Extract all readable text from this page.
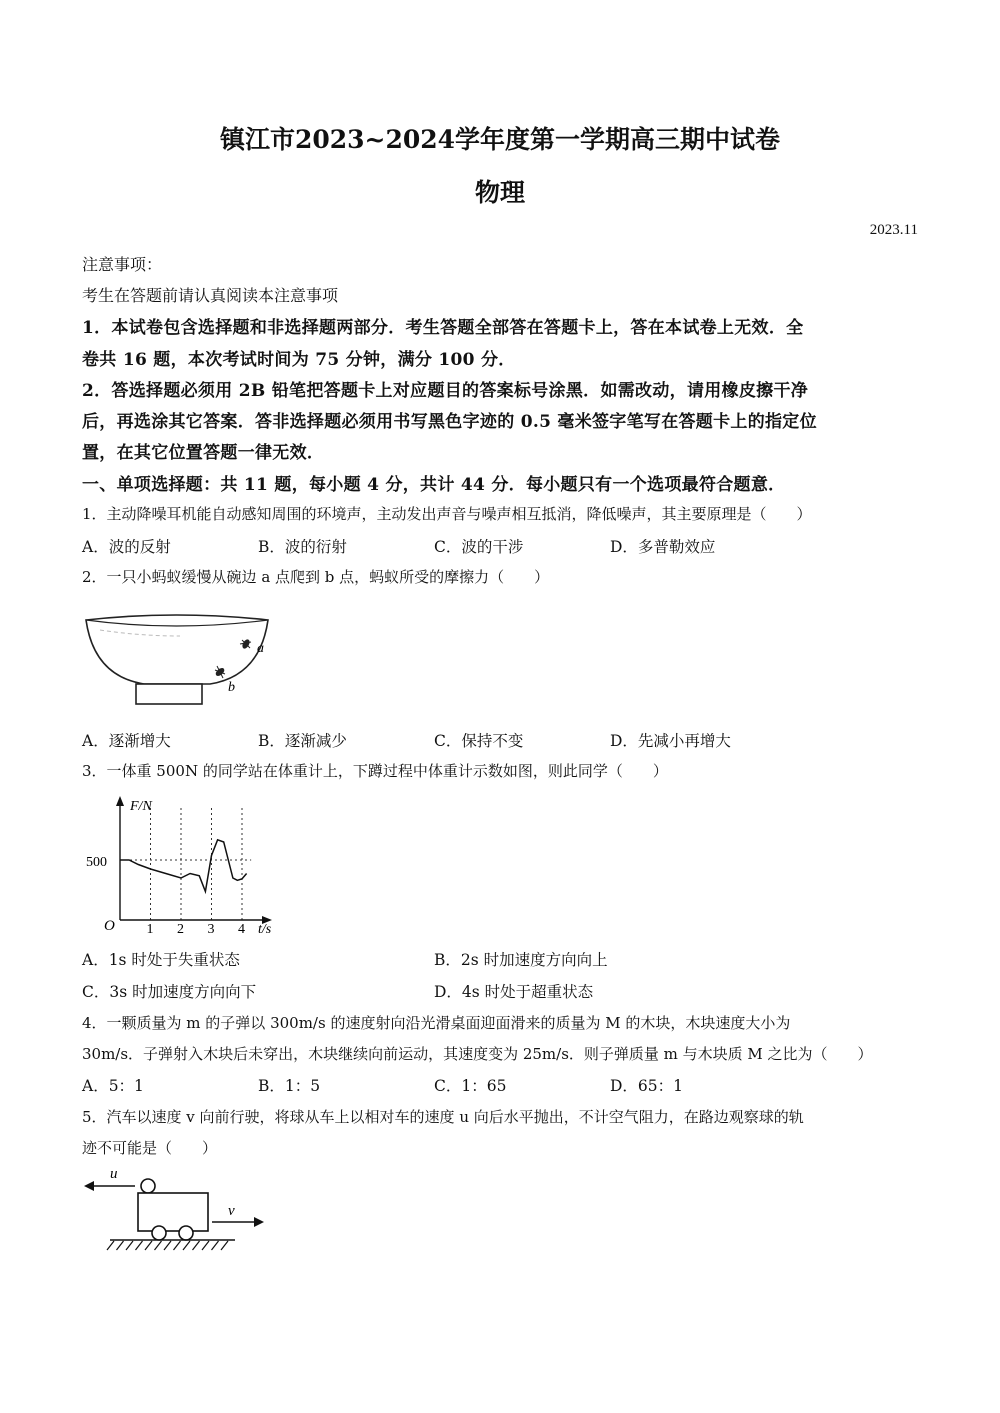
镇江市2023~2024学年度第一学期高三期中试卷
物理
2023.11
注意事项：
考生在答题前请认真阅读本注意事项
1．本试卷包含选择题和非选择题两部分．考生答题全部答在答题卡上，答在本试卷上无效．全
卷共 16 题，本次考试时间为 75 分钟，满分 100 分．
2．答选择题必须用 2B 铅笔把答题卡上对应题目的答案标号涂黑．如需改动，请用橡皮擦干净
后，再选涂其它答案．答非选择题必须用书写黑色字迹的 0.5 毫米签字笔写在答题卡上的指定位
置，在其它位置答题一律无效．
一、单项选择题：共 11 题，每小题 4 分，共计 44 分．每小题只有一个选项最符合题意．
1．主动降噪耳机能自动感知周围的环境声，主动发出声音与噪声相互抵消，降低噪声，其主要原理是（　　）
A．波的反射	B．波的衍射	C．波的干涉	D．多普勒效应
2．一只小蚂蚁缓慢从碗边 a 点爬到 b 点，蚂蚁所受的摩擦力（　　）
a
b
A．逐渐增大	B．逐渐减少	C．保持不变	D．先减小再增大
3．一体重 500N 的同学站在体重计上，下蹲过程中体重计示数如图，则此同学（　　）
F/N
t/s
O
500
1 2 3 4
A．1s 时处于失重状态	B．2s 时加速度方向向上
C．3s 时加速度方向向下	D．4s 时处于超重状态
4．一颗质量为 m 的子弹以 300m/s 的速度射向沿光滑桌面迎面滑来的质量为 M 的木块，木块速度大小为
30m/s．子弹射入木块后未穿出，木块继续向前运动，其速度变为 25m/s．则子弹质量 m 与木块质 M 之比为（　　）
A．5：1	B．1：5	C．1：65	D．65：1
5．汽车以速度 v 向前行驶，将球从车上以相对车的速度 u 向后水平抛出，不计空气阻力，在路边观察球的轨
迹不可能是（　　）
u
v
